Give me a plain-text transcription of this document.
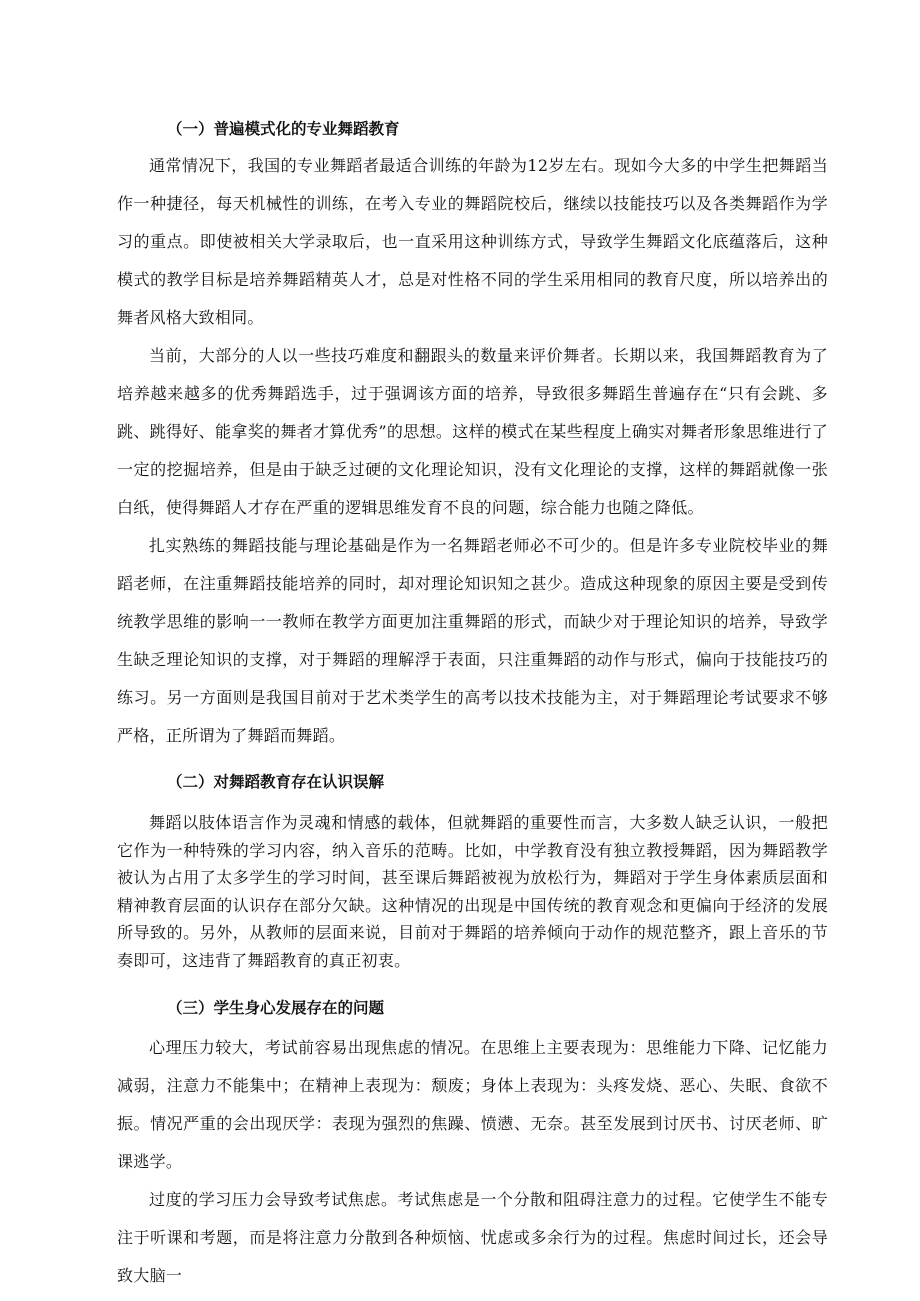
（一）普遍模式化的专业舞蹈教育

通常情况下，我国的专业舞蹈者最适合训练的年龄为12岁左右。现如今大多的中学生把舞蹈当作一种捷径，每天机械性的训练，在考入专业的舞蹈院校后，继续以技能技巧以及各类舞蹈作为学习的重点。即使被相关大学录取后，也一直采用这种训练方式，导致学生舞蹈文化底蕴落后，这种模式的教学目标是培养舞蹈精英人才，总是对性格不同的学生采用相同的教育尺度，所以培养出的舞者风格大致相同。

当前，大部分的人以一些技巧难度和翻跟头的数量来评价舞者。长期以来，我国舞蹈教育为了培养越来越多的优秀舞蹈选手，过于强调该方面的培养，导致很多舞蹈生普遍存在“只有会跳、多跳、跳得好、能拿奖的舞者才算优秀”的思想。这样的模式在某些程度上确实对舞者形象思维进行了一定的挖掘培养，但是由于缺乏过硬的文化理论知识，没有文化理论的支撑，这样的舞蹈就像一张白纸，使得舞蹈人才存在严重的逻辑思维发育不良的问题，综合能力也随之降低。

扎实熟练的舞蹈技能与理论基础是作为一名舞蹈老师必不可少的。但是许多专业院校毕业的舞蹈老师，在注重舞蹈技能培养的同时，却对理论知识知之甚少。造成这种现象的原因主要是受到传统教学思维的影响一一教师在教学方面更加注重舞蹈的形式，而缺少对于理论知识的培养，导致学生缺乏理论知识的支撑，对于舞蹈的理解浮于表面，只注重舞蹈的动作与形式，偏向于技能技巧的练习。另一方面则是我国目前对于艺术类学生的高考以技术技能为主，对于舞蹈理论考试要求不够严格，正所谓为了舞蹈而舞蹈。

（二）对舞蹈教育存在认识误解

舞蹈以肢体语言作为灵魂和情感的载体，但就舞蹈的重要性而言，大多数人缺乏认识，一般把它作为一种特殊的学习内容，纳入音乐的范畴。比如，中学教育没有独立教授舞蹈，因为舞蹈教学被认为占用了太多学生的学习时间，甚至课后舞蹈被视为放松行为，舞蹈对于学生身体素质层面和精神教育层面的认识存在部分欠缺。这种情况的出现是中国传统的教育观念和更偏向于经济的发展所导致的。另外，从教师的层面来说，目前对于舞蹈的培养倾向于动作的规范整齐，跟上音乐的节奏即可，这违背了舞蹈教育的真正初衷。

（三）学生身心发展存在的问题

心理压力较大，考试前容易出现焦虑的情况。在思维上主要表现为：思维能力下降、记忆能力减弱，注意力不能集中；在精神上表现为：颓废；身体上表现为：头疼发烧、恶心、失眠、食欲不振。情况严重的会出现厌学：表现为强烈的焦躁、愤懑、无奈。甚至发展到讨厌书、讨厌老师、旷课逃学。

过度的学习压力会导致考试焦虑。考试焦虑是一个分散和阻碍注意力的过程。它使学生不能专注于听课和考题，而是将注意力分散到各种烦恼、忧虑或多余行为的过程。焦虑时间过长，还会导致大脑一
